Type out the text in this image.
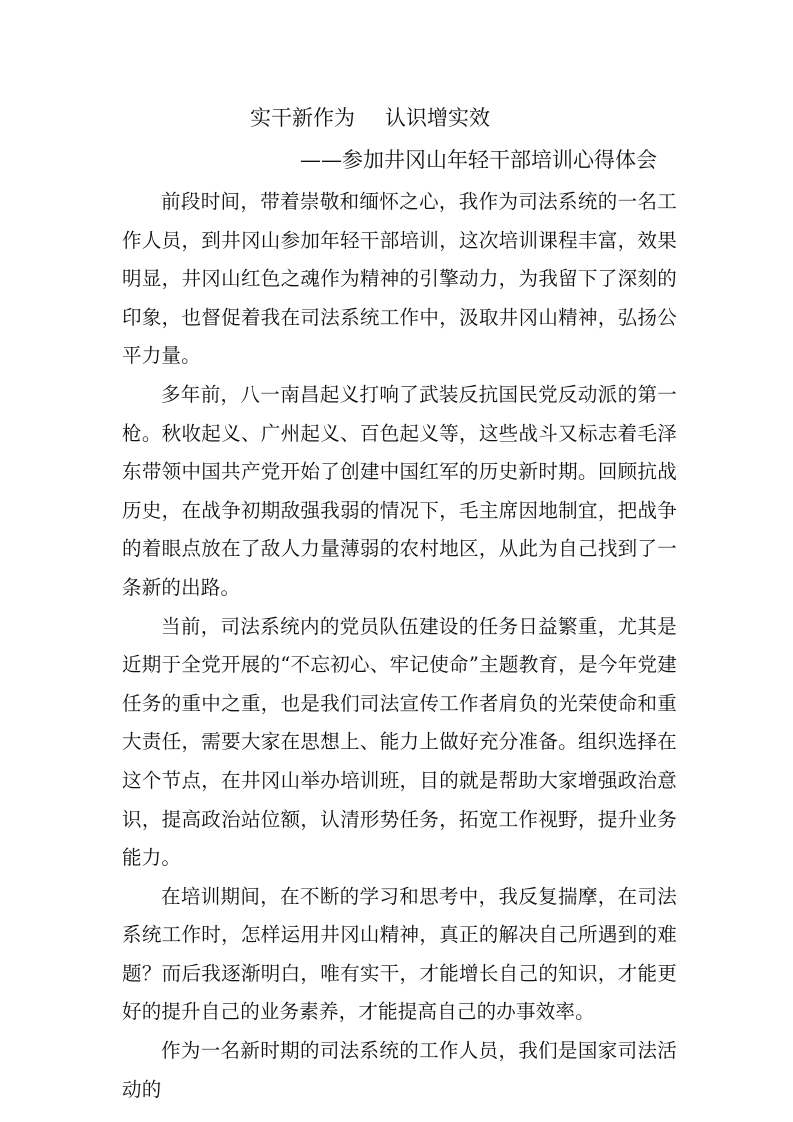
实干新作为 认识增实效
——参加井冈山年轻干部培训心得体会

前段时间，带着崇敬和缅怀之心，我作为司法系统的一名工作人员，到井冈山参加年轻干部培训，这次培训课程丰富，效果明显，井冈山红色之魂作为精神的引擎动力，为我留下了深刻的印象，也督促着我在司法系统工作中，汲取井冈山精神，弘扬公平力量。

多年前，八一南昌起义打响了武装反抗国民党反动派的第一枪。秋收起义、广州起义、百色起义等，这些战斗又标志着毛泽东带领中国共产党开始了创建中国红军的历史新时期。回顾抗战历史，在战争初期敌强我弱的情况下，毛主席因地制宜，把战争的着眼点放在了敌人力量薄弱的农村地区，从此为自己找到了一条新的出路。

当前，司法系统内的党员队伍建设的任务日益繁重，尤其是近期于全党开展的“不忘初心、牢记使命”主题教育，是今年党建任务的重中之重，也是我们司法宣传工作者肩负的光荣使命和重大责任，需要大家在思想上、能力上做好充分准备。组织选择在这个节点，在井冈山举办培训班，目的就是帮助大家增强政治意识，提高政治站位额，认清形势任务，拓宽工作视野，提升业务能力。

在培训期间，在不断的学习和思考中，我反复揣摩，在司法系统工作时，怎样运用井冈山精神，真正的解决自己所遇到的难题？而后我逐渐明白，唯有实干，才能增长自己的知识，才能更好的提升自己的业务素养，才能提高自己的办事效率。

作为一名新时期的司法系统的工作人员，我们是国家司法活动的
